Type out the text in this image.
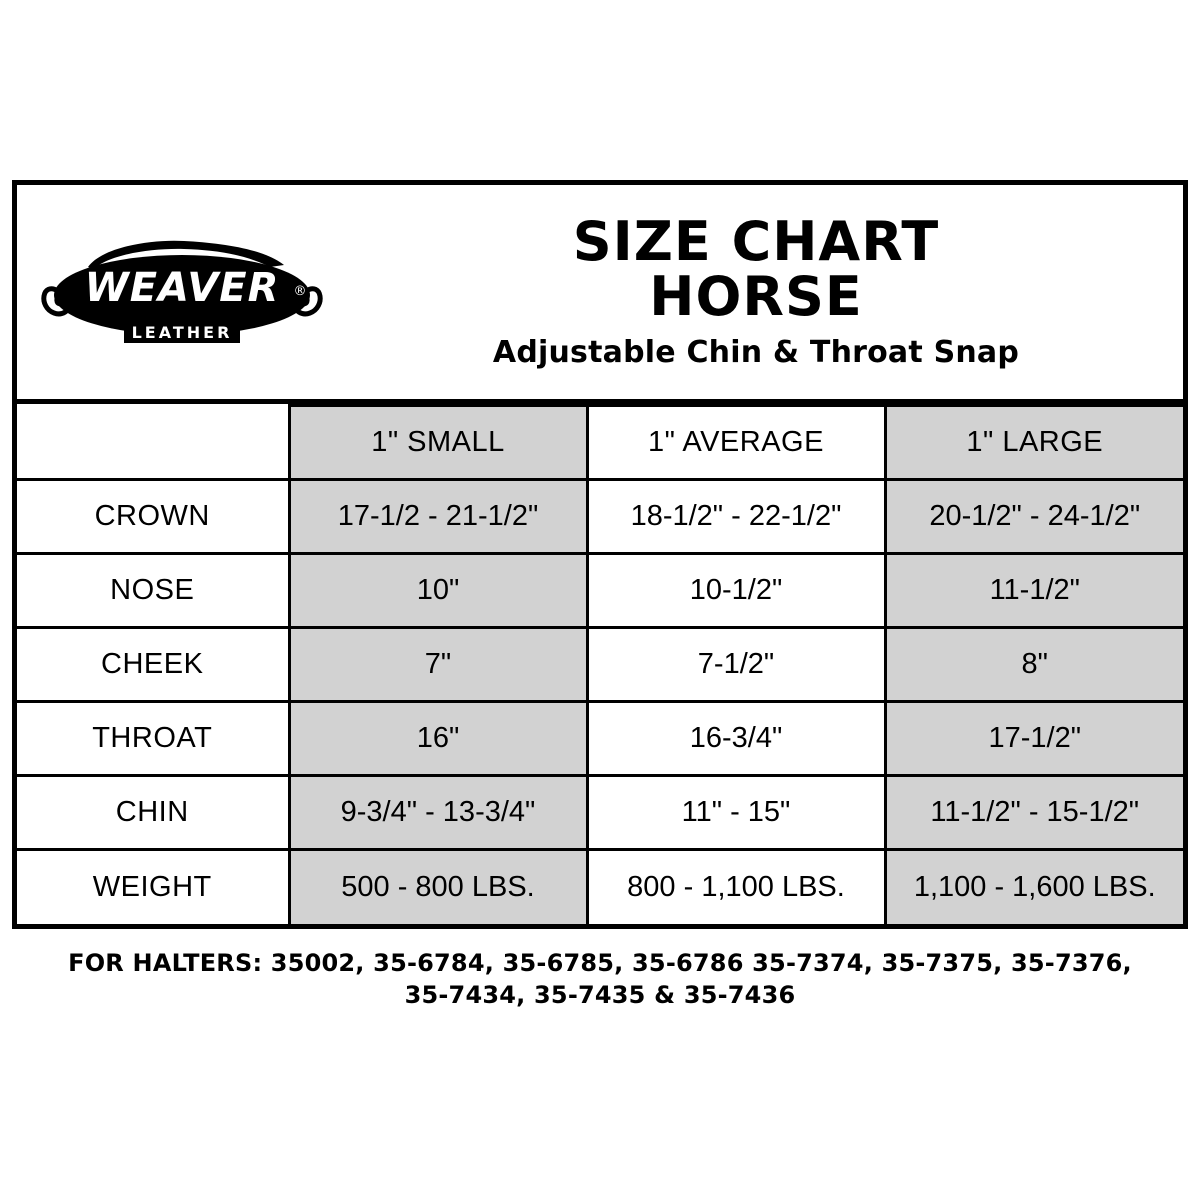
WEAVER ®
LEATHER
SIZE CHART
HORSE
Adjustable Chin & Throat Snap
	1" SMALL	1" AVERAGE	1" LARGE
CROWN	17-1/2 - 21-1/2"	18-1/2" - 22-1/2"	20-1/2" - 24-1/2"
NOSE	10"	10-1/2"	11-1/2"
CHEEK	7"	7-1/2"	8"
THROAT	16"	16-3/4"	17-1/2"
CHIN	9-3/4" - 13-3/4"	11" - 15"	11-1/2" - 15-1/2"
WEIGHT	500 - 800 LBS.	800 - 1,100 LBS.	1,100 - 1,600 LBS.
FOR HALTERS: 35002, 35-6784, 35-6785, 35-6786 35-7374, 35-7375, 35-7376,
35-7434, 35-7435 & 35-7436
